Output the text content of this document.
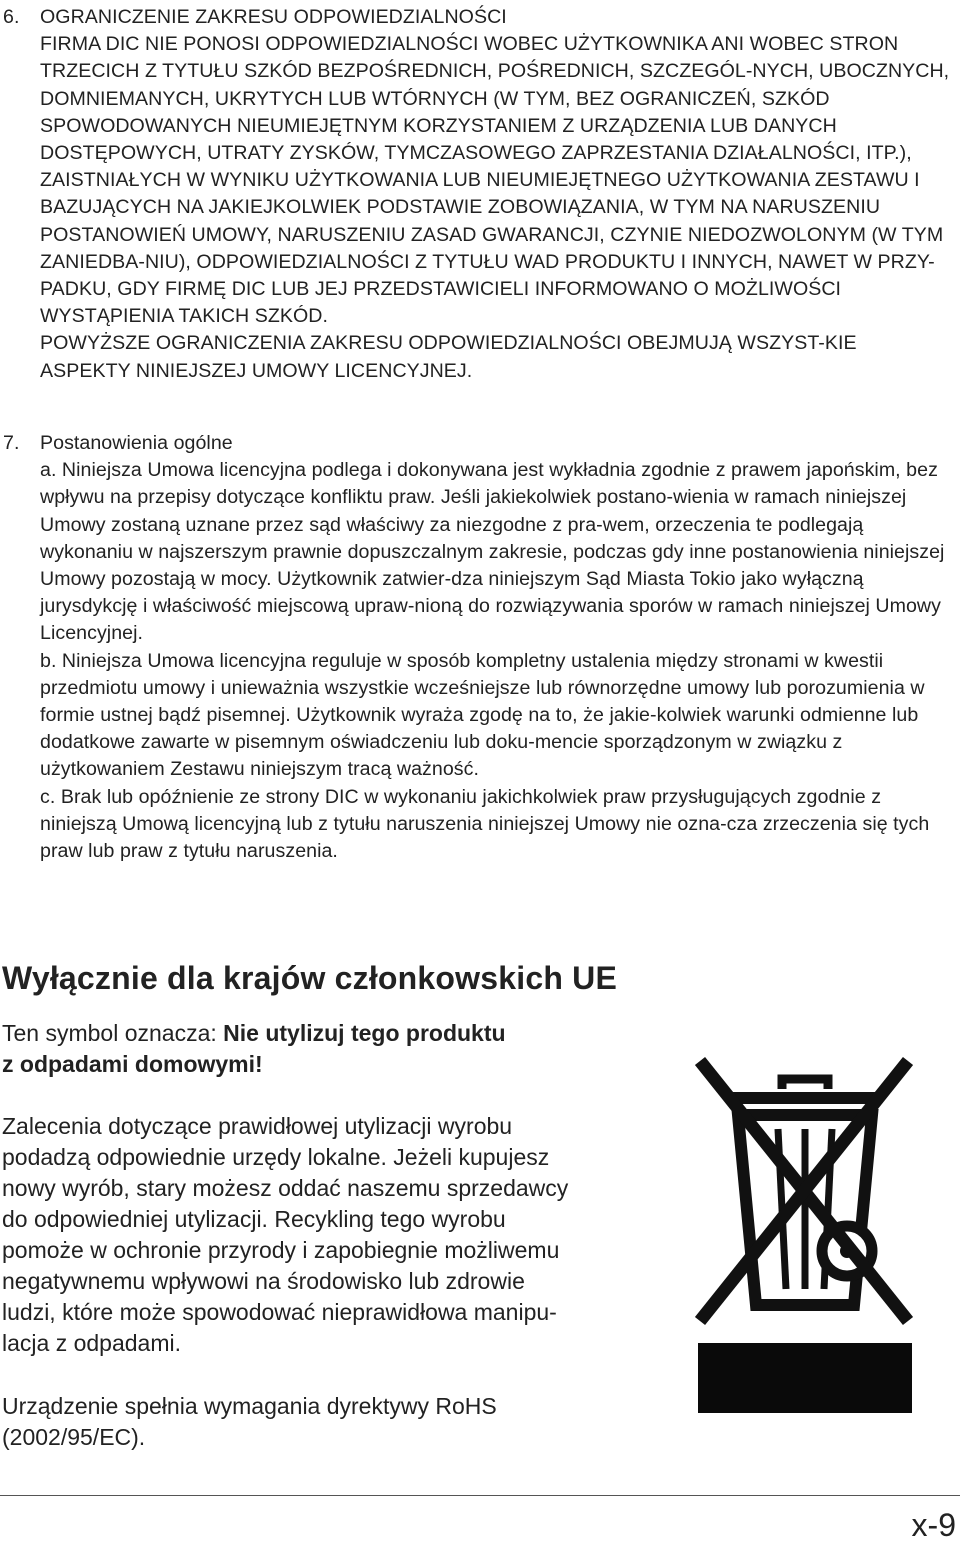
6. OGRANICZENIE ZAKRESU ODPOWIEDZIALNOŚCI

FIRMA DIC NIE PONOSI ODPOWIEDZIALNOŚCI WOBEC UŻYTKOWNIKA ANI WOBEC STRON TRZECICH Z TYTUŁU SZKÓD BEZPOŚREDNICH, POŚREDNICH, SZCZEGÓL-NYCH, UBOCZNYCH, DOMNIEMANYCH, UKRYTYCH LUB WTÓRNYCH (W TYM, BEZ OGRANICZEŃ, SZKÓD SPOWODOWANYCH NIEUMIEJĘTNYM KORZYSTANIEM Z URZĄDZENIA LUB DANYCH DOSTĘPOWYCH, UTRATY ZYSKÓW, TYMCZASOWEGO ZAPRZESTANIA DZIAŁALNOŚCI, ITP.), ZAISTNIAŁYCH W WYNIKU UŻYTKOWANIA LUB NIEUMIEJĘTNEGO UŻYTKOWANIA ZESTAWU I BAZUJĄCYCH NA JAKIEJKOLWIEK PODSTAWIE ZOBOWIĄZANIA, W TYM NA NARUSZENIU POSTANOWIEŃ UMOWY, NARUSZENIU ZASAD GWARANCJI, CZYNIE NIEDOZWOLONYM (W TYM ZANIEDBA-NIU), ODPOWIEDZIALNOŚCI Z TYTUŁU WAD PRODUKTU I INNYCH, NAWET W PRZY-PADKU, GDY FIRMĘ DIC LUB JEJ PRZEDSTAWICIELI INFORMOWANO O MOŻLIWOŚCI WYSTĄPIENIA TAKICH SZKÓD.

POWYŻSZE OGRANICZENIA ZAKRESU ODPOWIEDZIALNOŚCI OBEJMUJĄ WSZYST-KIE ASPEKTY NINIEJSZEJ UMOWY LICENCYJNEJ.

7. Postanowienia ogólne

a. Niniejsza Umowa licencyjna podlega i dokonywana jest wykładnia zgodnie z prawem japońskim, bez wpływu na przepisy dotyczące konfliktu praw. Jeśli jakiekolwiek postano-wienia w ramach niniejszej Umowy zostaną uznane przez sąd właściwy za niezgodne z pra-wem, orzeczenia te podlegają wykonaniu w najszerszym prawnie dopuszczalnym zakresie, podczas gdy inne postanowienia niniejszej Umowy pozostają w mocy. Użytkownik zatwier-dza niniejszym Sąd Miasta Tokio jako wyłączną jurysdykcję i właściwość miejscową upraw-nioną do rozwiązywania sporów w ramach niniejszej Umowy Licencyjnej.

b. Niniejsza Umowa licencyjna reguluje w sposób kompletny ustalenia między stronami w kwestii przedmiotu umowy i unieważnia wszystkie wcześniejsze lub równorzędne umowy lub porozumienia w formie ustnej bądź pisemnej. Użytkownik wyraża zgodę na to, że jakie-kolwiek warunki odmienne lub dodatkowe zawarte w pisemnym oświadczeniu lub doku-mencie sporządzonym w związku z użytkowaniem Zestawu niniejszym tracą ważność.

c. Brak lub opóźnienie ze strony DIC w wykonaniu jakichkolwiek praw przysługujących zgodnie z niniejszą Umową licencyjną lub z tytułu naruszenia niniejszej Umowy nie ozna-cza zrzeczenia się tych praw lub praw z tytułu naruszenia.

Wyłącznie dla krajów członkowskich UE

Ten symbol oznacza: Nie utylizuj tego produktu
z odpadami domowymi!

Zalecenia dotyczące prawidłowej utylizacji wyrobu
podadzą odpowiednie urzędy lokalne. Jeżeli kupujesz
nowy wyrób, stary możesz oddać naszemu sprzedawcy
do odpowiedniej utylizacji. Recykling tego wyrobu
pomoże w ochronie przyrody i zapobiegnie możliwemu
negatywnemu wpływowi na środowisko lub zdrowie
ludzi, które może spowodować nieprawidłowa manipu-
lacja z odpadami.

Urządzenie spełnia wymagania dyrektywy RoHS
(2002/95/EC).

x-9
